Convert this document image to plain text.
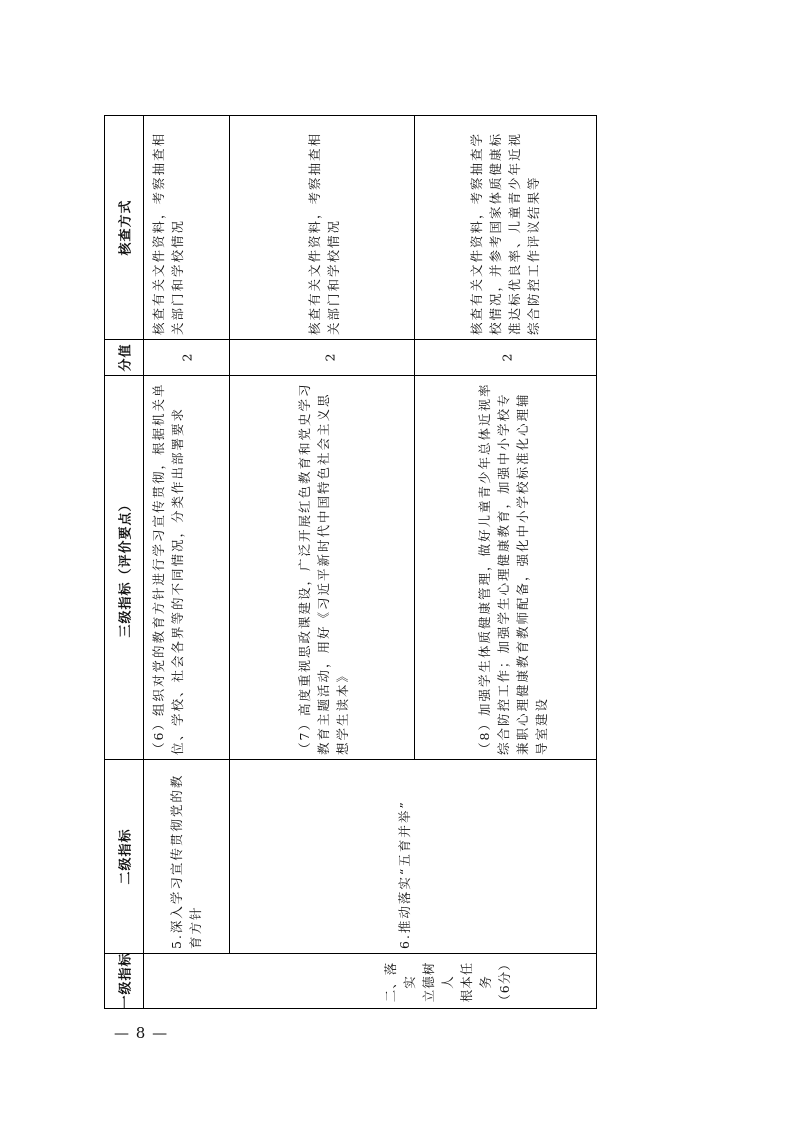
— 8 —
核查方式
分值
三级指标（评价要点）
二级指标
一级指标
核查有关文件资料，考察抽查相关部门和学校情况
2
（6）组织对党的教育方针进行学习宣传贯彻，根据机关单位、学校、社会各界等的不同情况，分类作出部署要求
核查有关文件资料，考察抽查相关部门和学校情况
2
（7）高度重视思政课建设，广泛开展红色教育和党史学习教育主题活动，用好《习近平新时代中国特色社会主义思想学生读本》
核查有关文件资料，考察抽查学校情况，并参考国家体质健康标准达标优良率、儿童青少年近视综合防控工作评议结果等
2
（8）加强学生体质健康管理，做好儿童青少年总体近视率综合防控工作；加强学生心理健康教育，加强中小学校专兼职心理健康教育教师配备，强化中小学校标准化心理辅导室建设
5.深入学习宣传贯彻党的教育方针	6.推动落实“五育并举”
二、落实 立德树人 根本任务 （6分）
